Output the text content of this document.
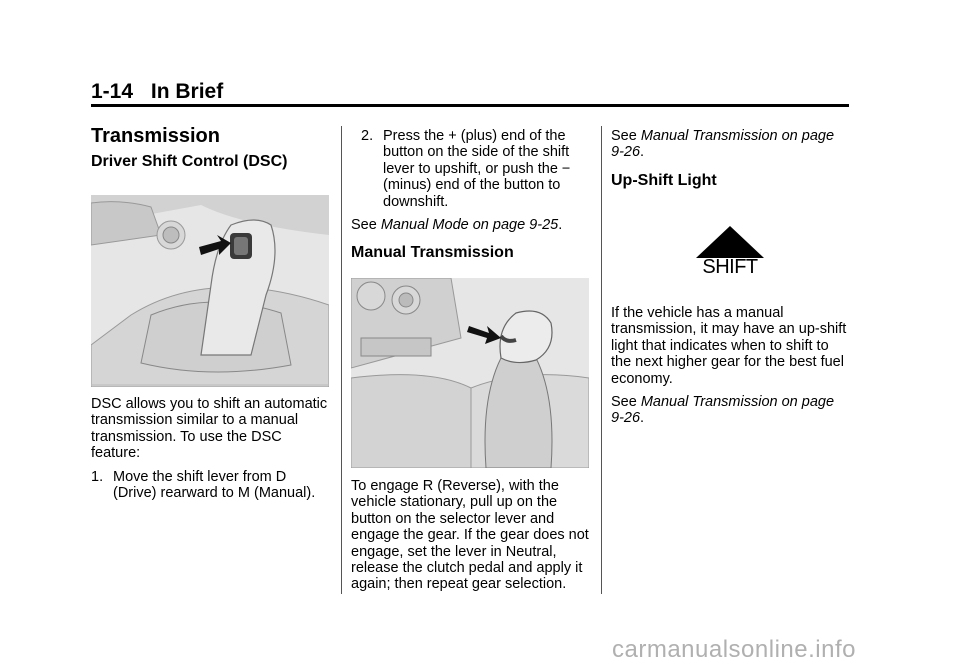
1-14 In Brief
Transmission
Driver Shift Control (DSC)

DSC allows you to shift an automatic transmission similar to a manual transmission. To use the DSC feature:

1. Move the shift lever from D (Drive) rearward to M (Manual).
2. Press the + (plus) end of the button on the side of the shift lever to upshift, or push the − (minus) end of the button to downshift.

See Manual Mode on page 9-25.

Manual Transmission

To engage R (Reverse), with the vehicle stationary, pull up on the button on the selector lever and engage the gear. If the gear does not engage, set the lever in Neutral, release the clutch pedal and apply it again; then repeat gear selection.

See Manual Transmission on page 9-26.

Up-Shift Light
SHIFT

If the vehicle has a manual transmission, it may have an up-shift light that indicates when to shift to the next higher gear for the best fuel economy.

See Manual Transmission on page 9-26.

carmanualsonline.info
